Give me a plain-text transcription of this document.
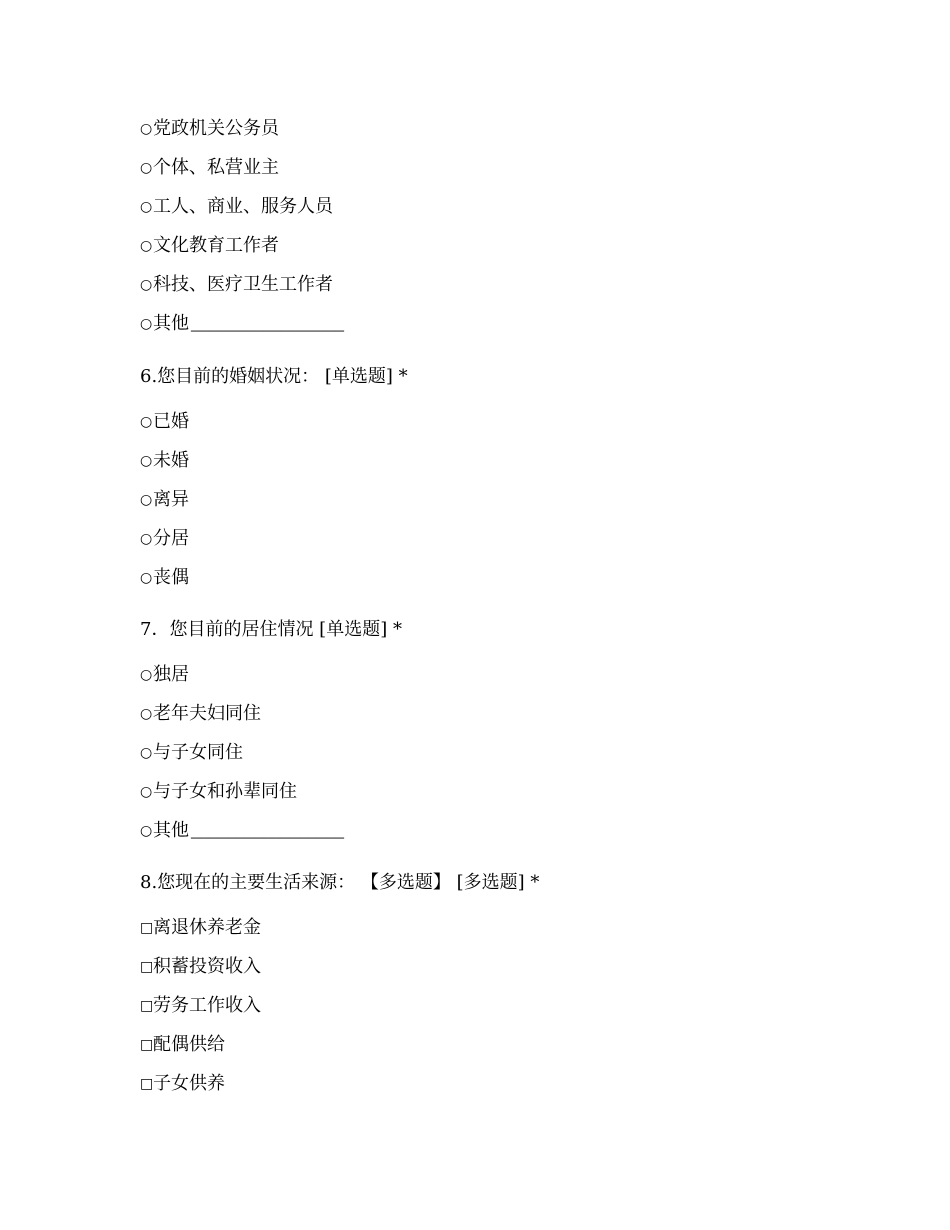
○ 党政机关公务员
○ 个体、私营业主
○ 工人、商业、服务人员
○ 文化教育工作者
○ 科技、医疗卫生工作者
○ 其他 _________________
6.您目前的婚姻状况： [单选题] *
○ 已婚
○ 未婚
○ 离异
○ 分居
○ 丧偶
7．您目前的居住情况 [单选题] *
○ 独居
○ 老年夫妇同住
○ 与子女同住
○ 与子女和孙辈同住
○ 其他 _________________
8.您现在的主要生活来源： 【多选题】 [多选题] *
□ 离退休养老金
□ 积蓄投资收入
□ 劳务工作收入
□ 配偶供给
□ 子女供养
